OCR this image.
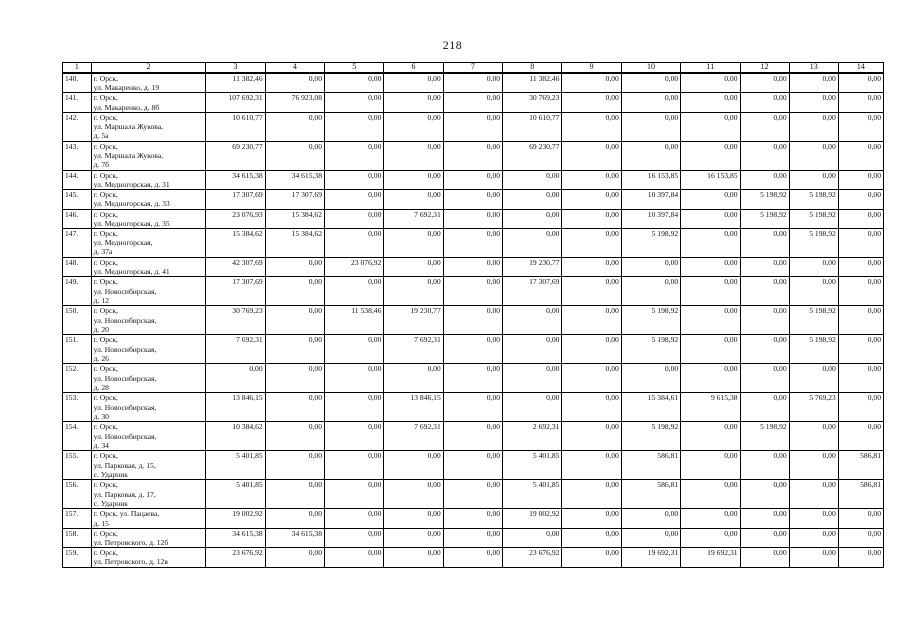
218
1	2	3	4	5	6	7	8	9	10	11	12	13	14
140.	г. Орск,
ул. Макаренко, д. 19	11 382,46	0,00	0,00	0,00	0,00	11 382,46	0,00	0,00	0,00	0,00	0,00	0,00
141.	г. Орск,
ул. Макаренко, д. 8б	107 692,31	76 923,08	0,00	0,00	0,00	30 769,23	0,00	0,00	0,00	0,00	0,00	0,00
142.	г. Орск,
ул. Маршала Жукова,
д. 5а	10 610,77	0,00	0,00	0,00	0,00	10 610,77	0,00	0,00	0,00	0,00	0,00	0,00
143.	г. Орск,
ул. Маршала Жукова,
д. 7б	69 230,77	0,00	0,00	0,00	0,00	69 230,77	0,00	0,00	0,00	0,00	0,00	0,00
144.	г. Орск,
ул. Медногорская, д. 31	34 615,38	34 615,38	0,00	0,00	0,00	0,00	0,00	16 153,85	16 153,85	0,00	0,00	0,00
145.	г. Орск,
ул. Медногорская, д. 33	17 307,69	17 307,69	0,00	0,00	0,00	0,00	0,00	10 397,84	0,00	5 198,92	5 198,92	0,00
146.	г. Орск,
ул. Медногорская, д. 35	23 076,93	15 384,62	0,00	7 692,31	0,00	0,00	0,00	10 397,84	0,00	5 198,92	5 198,92	0,00
147.	г. Орск,
ул. Медногорская,
д. 37а	15 384,62	15 384,62	0,00	0,00	0,00	0,00	0,00	5 198,92	0,00	0,00	5 198,92	0,00
148.	г. Орск,
ул. Медногорская, д. 41	42 307,69	0,00	23 076,92	0,00	0,00	19 230,77	0,00	0,00	0,00	0,00	0,00	0,00
149.	г. Орск,
ул. Новосибирская,
д. 12	17 307,69	0,00	0,00	0,00	0,00	17 307,69	0,00	0,00	0,00	0,00	0,00	0,00
150.	г. Орск,
ул. Новосибирская,
д. 20	30 769,23	0,00	11 538,46	19 230,77	0,00	0,00	0,00	5 198,92	0,00	0,00	5 198,92	0,00
151.	г. Орск,
ул. Новосибирская,
д. 26	7 692,31	0,00	0,00	7 692,31	0,00	0,00	0,00	5 198,92	0,00	0,00	5 198,92	0,00
152.	г. Орск,
ул. Новосибирская,
д. 28	0,00	0,00	0,00	0,00	0,00	0,00	0,00	0,00	0,00	0,00	0,00	0,00
153.	г. Орск,
ул. Новосибирская,
д. 30	13 846,15	0,00	0,00	13 846,15	0,00	0,00	0,00	15 384,61	9 615,38	0,00	5 769,23	0,00
154.	г. Орск,
ул. Новосибирская,
д. 34	10 384,62	0,00	0,00	7 692,31	0,00	2 692,31	0,00	5 198,92	0,00	5 198,92	0,00	0,00
155.	г. Орск,
ул. Парковая, д. 15,
с. Ударник	5 401,85	0,00	0,00	0,00	0,00	5 401,85	0,00	586,81	0,00	0,00	0,00	586,81
156.	г. Орск,
ул. Парковая, д. 17,
с. Ударник	5 401,85	0,00	0,00	0,00	0,00	5 401,85	0,00	586,81	0,00	0,00	0,00	586,81
157.	г. Орск, ул. Пацаева,
д. 15	19 002,92	0,00	0,00	0,00	0,00	19 002,92	0,00	0,00	0,00	0,00	0,00	0,00
158.	г. Орск,
ул. Петровского, д. 12б	34 615,38	34 615,38	0,00	0,00	0,00	0,00	0,00	0,00	0,00	0,00	0,00	0,00
159.	г. Орск,
ул. Петровского, д. 12в	23 676,92	0,00	0,00	0,00	0,00	23 676,92	0,00	19 692,31	19 692,31	0,00	0,00	0,00
